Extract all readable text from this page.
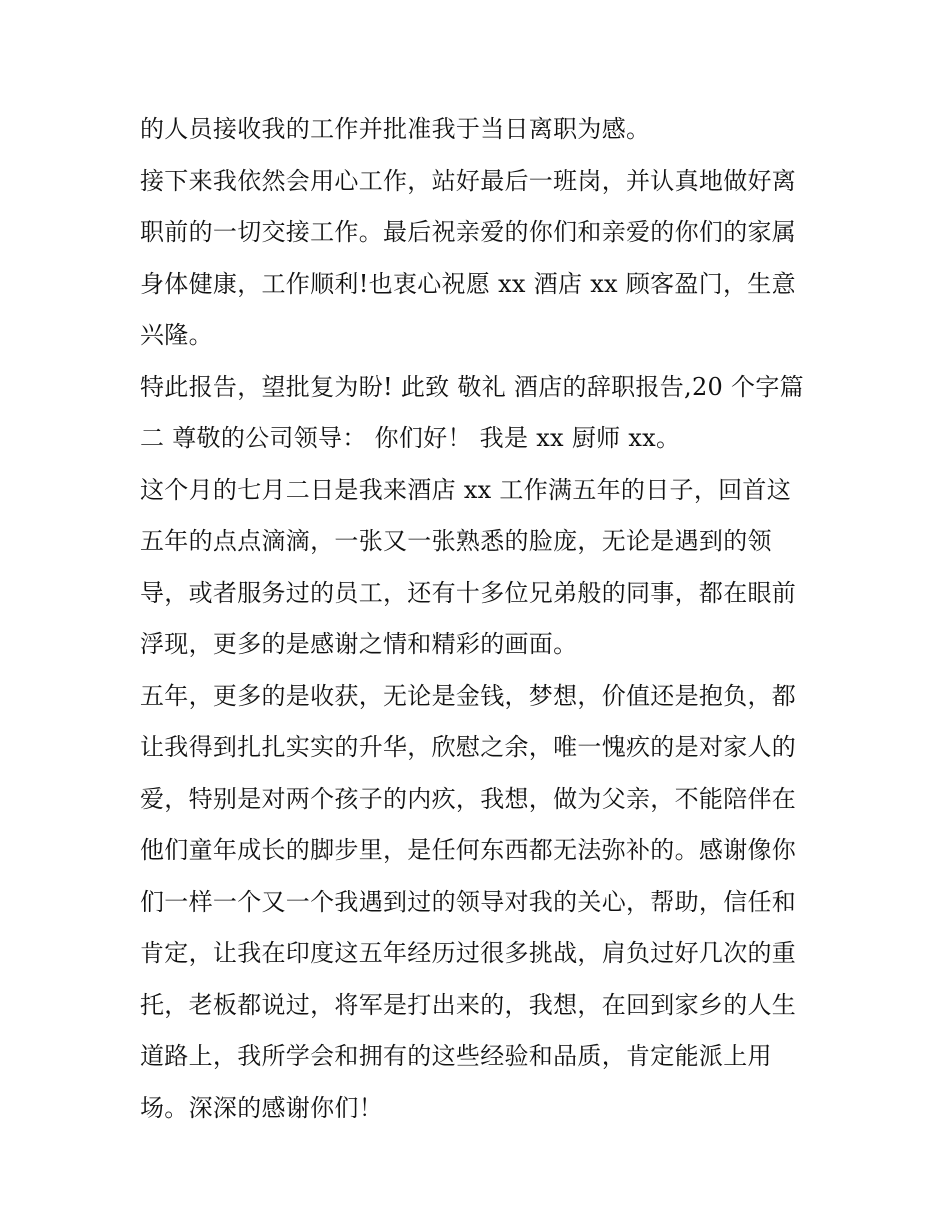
的人员接收我的工作并批准我于当日离职为感。

接下来我依然会用心工作，站好最后一班岗，并认真地做好离
职前的一切交接工作。最后祝亲爱的你们和亲爱的你们的家属
身体健康，工作顺利!也衷心祝愿 xx 酒店 xx 顾客盈门，生意
兴隆。

特此报告，望批复为盼! 此致 敬礼 酒店的辞职报告,20 个字篇
二 尊敬的公司领导： 你们好！ 我是 xx 厨师 xx。

这个月的七月二日是我来酒店 xx 工作满五年的日子，回首这
五年的点点滴滴，一张又一张熟悉的脸庞，无论是遇到的领
导，或者服务过的员工，还有十多位兄弟般的同事，都在眼前
浮现，更多的是感谢之情和精彩的画面。

五年，更多的是收获，无论是金钱，梦想，价值还是抱负，都
让我得到扎扎实实的升华，欣慰之余，唯一愧疚的是对家人的
爱，特别是对两个孩子的内疚，我想，做为父亲，不能陪伴在
他们童年成长的脚步里，是任何东西都无法弥补的。感谢像你
们一样一个又一个我遇到过的领导对我的关心，帮助，信任和
肯定，让我在印度这五年经历过很多挑战，肩负过好几次的重
托，老板都说过，将军是打出来的，我想，在回到家乡的人生
道路上，我所学会和拥有的这些经验和品质，肯定能派上用
场。深深的感谢你们！
